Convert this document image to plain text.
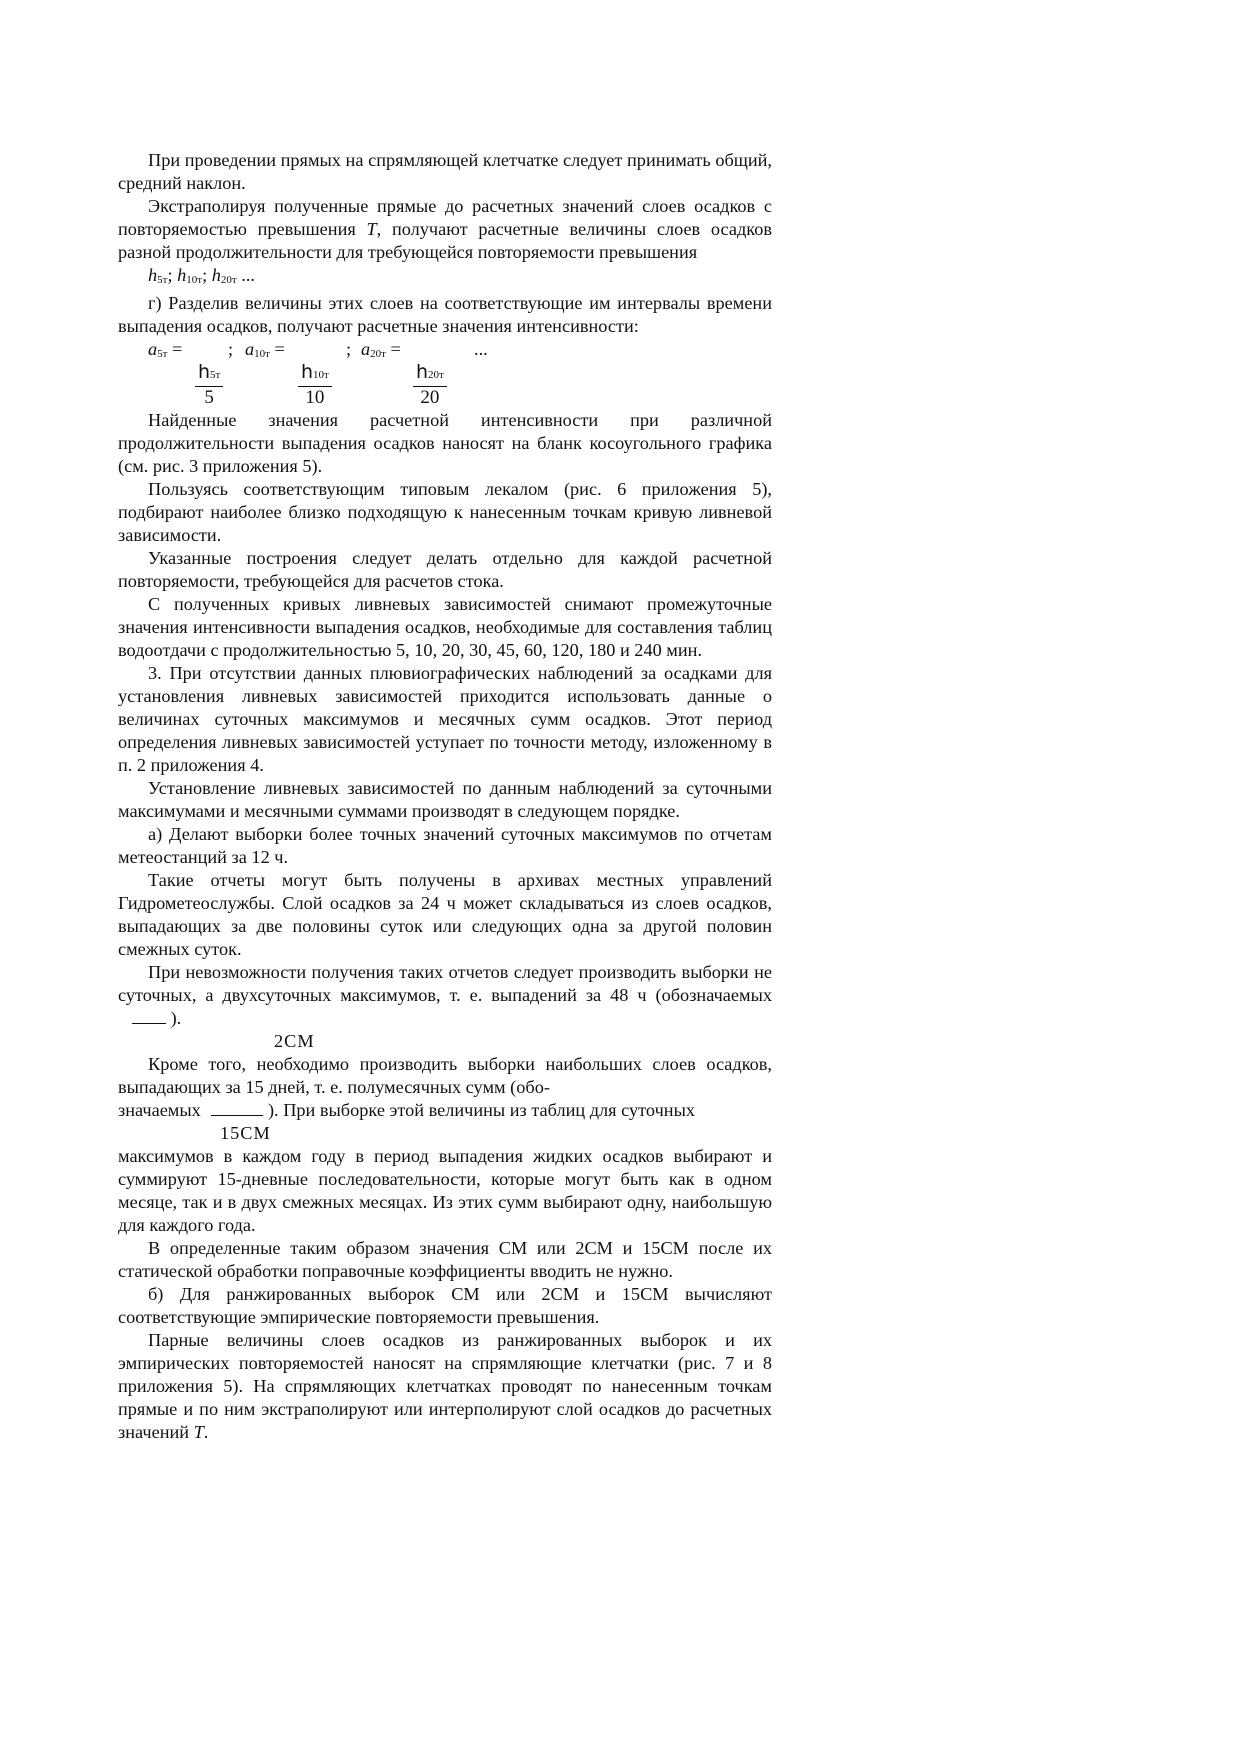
При проведении прямых на спрямляющей клетчатке следует принимать общий, средний наклон.

Экстраполируя полученные прямые до расчетных значений слоев осадков с повторяемостью превышения T, получают расчетные величины слоев осадков разной продолжительности для требующейся повторяемости превышения

h5т; h10т; h20т ...

г) Разделив величины этих слоев на соответствующие им интервалы времени выпадения осадков, получают расчетные значения интенсивности:

a5т = ; a10т =	; a20т =	...
h5т
5
h10т
10
h20т
20

Найденные значения расчетной интенсивности при различной продолжительности выпадения осадков наносят на бланк косоугольного графика (см. рис. 3 приложения 5).

Пользуясь соответствующим типовым лекалом (рис. 6 приложения 5), подбирают наиболее близко подходящую к нанесенным точкам кривую ливневой зависимости.

Указанные построения следует делать отдельно для каждой расчетной повторяемости, требующейся для расчетов стока.

С полученных кривых ливневых зависимостей снимают промежуточные значения интенсивности выпадения осадков, необходимые для составления таблиц водоотдачи с продолжительностью 5, 10, 20, 30, 45, 60, 120, 180 и 240 мин.

3. При отсутствии данных плювиографических наблюдений за осадками для установления ливневых зависимостей приходится использовать данные о величинах суточных максимумов и месячных сумм осадков. Этот период определения ливневых зависимостей уступает по точности методу, изложенному в п. 2 приложения 4.

Установление ливневых зависимостей по данным наблюдений за суточными максимумами и месячными суммами производят в следующем порядке.

а) Делают выборки более точных значений суточных максимумов по отчетам метеостанций за 12 ч.

Такие отчеты могут быть получены в архивах местных управлений Гидрометеослужбы. Слой осадков за 24 ч может складываться из слоев осадков, выпадающих за две половины суток или следующих одна за другой половин смежных суток.

При невозможности получения таких отчетов следует производить выборки не суточных, а двухсуточных максимумов, т. е. выпадений за 48 ч (обозначаемых  ).

2СМ

Кроме того, необходимо производить выборки наибольших слоев осадков, выпадающих за 15 дней, т. е. полумесячных сумм (обо-

значаемых	). При выборке этой величины из таблиц для суточных

15СМ

максимумов в каждом году в период выпадения жидких осадков выбирают и суммируют 15-дневные последовательности, которые могут быть как в одном месяце, так и в двух смежных месяцах. Из этих сумм выбирают одну, наибольшую для каждого года.

В определенные таким образом значения СМ или 2СМ и 15СМ после их статической обработки поправочные коэффициенты вводить не нужно.

б) Для ранжированных выборок СМ или 2СМ и 15СМ вычисляют соответствующие эмпирические повторяемости превышения.

Парные величины слоев осадков из ранжированных выборок и их эмпирических повторяемостей наносят на спрямляющие клетчатки (рис. 7 и 8 приложения 5). На спрямляющих клетчатках проводят по нанесенным точкам прямые и по ним экстраполируют или интерполируют слой осадков до расчетных значений T.
